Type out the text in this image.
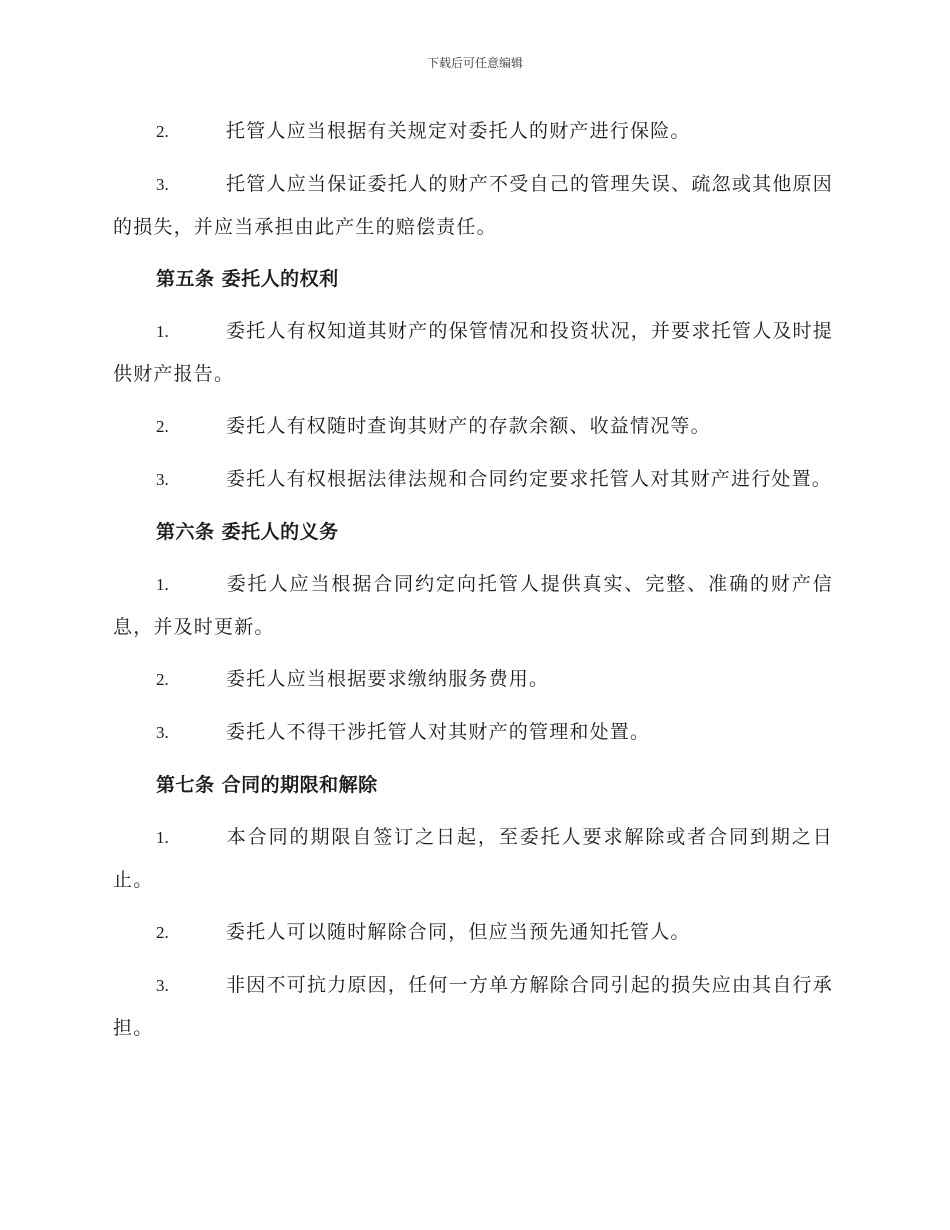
下载后可任意编辑

2.	托管人应当根据有关规定对委托人的财产进行保险。

3.	托管人应当保证委托人的财产不受自己的管理失误、疏忽或其他原因的损失，并应当承担由此产生的赔偿责任。

第五条 委托人的权利

1.	委托人有权知道其财产的保管情况和投资状况，并要求托管人及时提供财产报告。

2.	委托人有权随时查询其财产的存款余额、收益情况等。

3.	委托人有权根据法律法规和合同约定要求托管人对其财产进行处置。

第六条 委托人的义务

1.	委托人应当根据合同约定向托管人提供真实、完整、准确的财产信息，并及时更新。

2.	委托人应当根据要求缴纳服务费用。

3.	委托人不得干涉托管人对其财产的管理和处置。

第七条 合同的期限和解除

1.	本合同的期限自签订之日起，至委托人要求解除或者合同到期之日止。

2.	委托人可以随时解除合同，但应当预先通知托管人。

3.	非因不可抗力原因，任何一方单方解除合同引起的损失应由其自行承担。
